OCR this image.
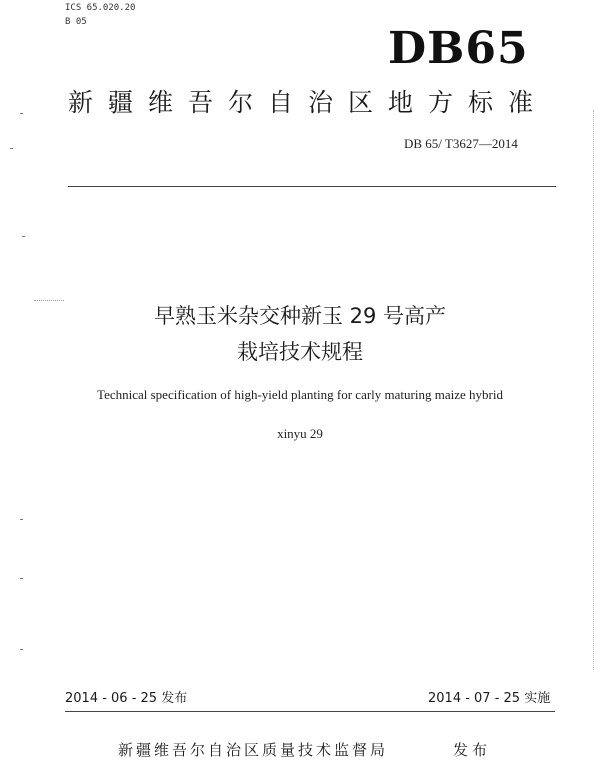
ICS 65.020.20
B 05
DB65
新疆维吾尔自治区地方标准
DB 65/ T3627—2014
早熟玉米杂交种新玉 29 号高产
栽培技术规程
Technical specification of high-yield planting for carly maturing maize hybrid
xinyu 29
2014 - 06 - 25 发布	2014 - 07 - 25 实施
新疆维吾尔自治区质量技术监督局	发布
